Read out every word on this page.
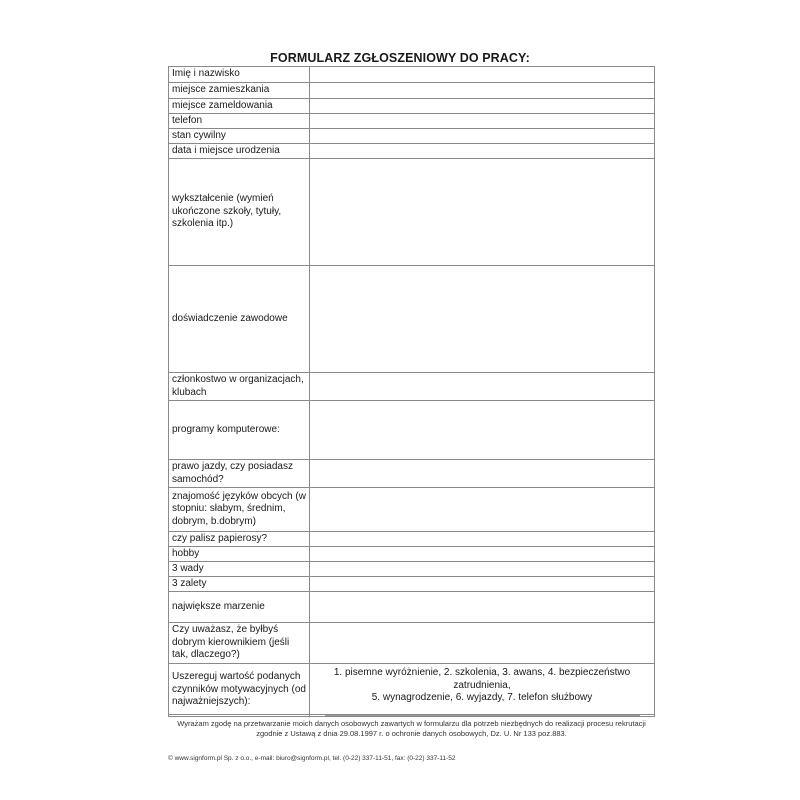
FORMULARZ ZGŁOSZENIOWY DO PRACY:
Imię i nazwisko	
miejsce zamieszkania	
miejsce zameldowania	
telefon	
stan cywilny	
data i miejsce urodzenia	
wykształcenie (wymień ukończone szkoły, tytuły, szkolenia itp.)	
doświadczenie zawodowe	
członkostwo w organizacjach, klubach	
programy komputerowe:	
prawo jazdy, czy posiadasz samochód?	
znajomość języków obcych (w stopniu: słabym, średnim, dobrym, b.dobrym)	
czy palisz papierosy?	
hobby	
3 wady	
3 zalety	
największe marzenie	
Czy uważasz, że byłbyś dobrym kierownikiem (jeśli tak, dlaczego?)	
Uszereguj wartość podanych czynników motywacyjnych (od najważniejszych):	1. pisemne wyróżnienie, 2. szkolenia, 3. awans, 4. bezpieczeństwo zatrudnienia,
5. wynagrodzenie, 6. wyjazdy, 7. telefon służbowy
Wyrażam zgodę na przetwarzanie moich danych osobowych zawartych w formularzu dla potrzeb niezbędnych do realizacji procesu rekrutacji zgodnie z Ustawą z dnia 29.08.1997 r. o ochronie danych osobowych, Dz. U. Nr 133 poz.883.
© www.signform.pl Sp. z o.o., e-mail: biuro@signform.pl, tel. (0-22) 337-11-51, fax: (0-22) 337-11-52
